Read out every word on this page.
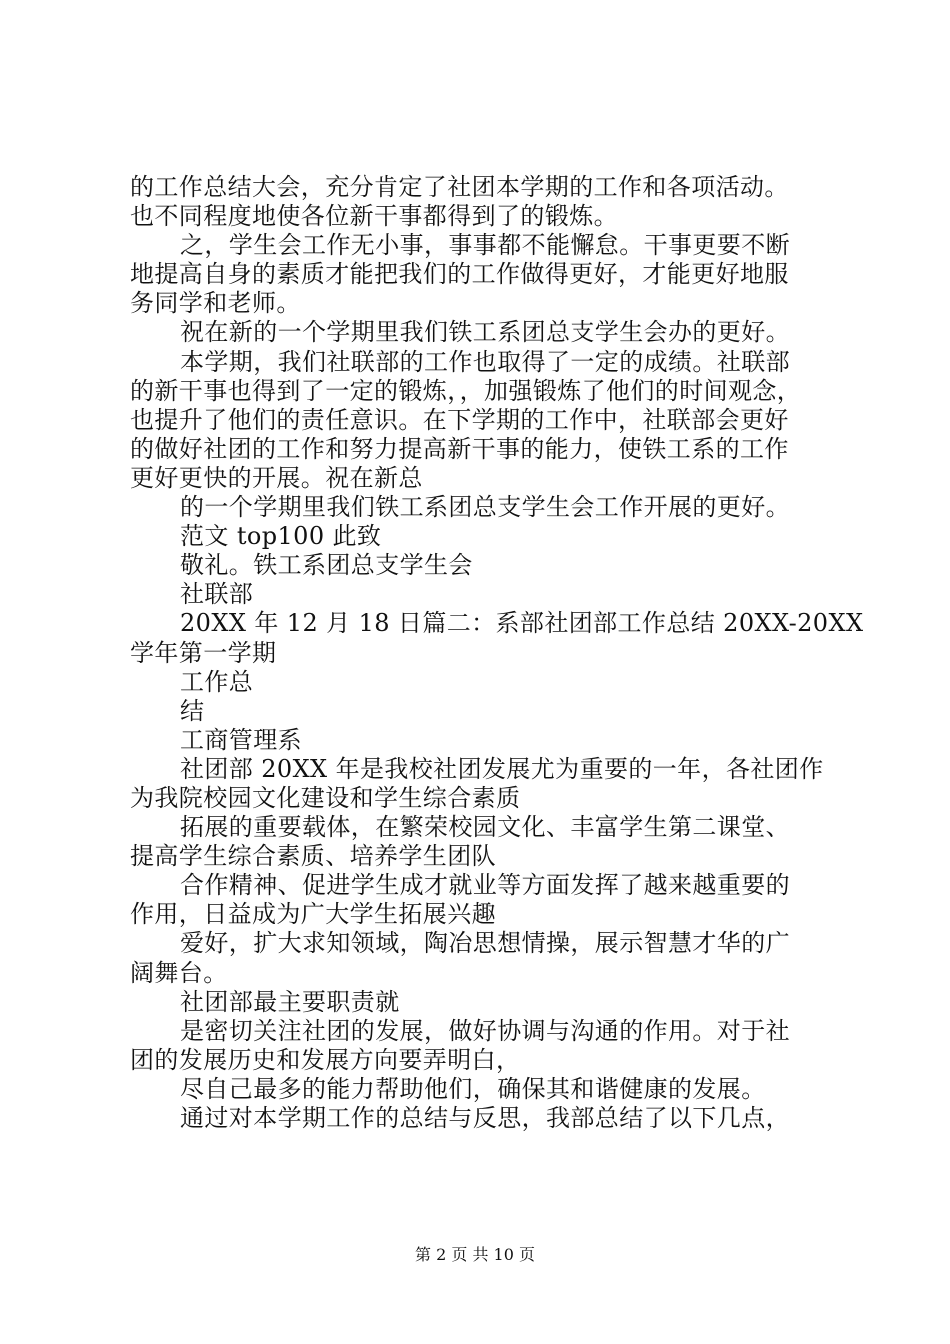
的工作总结大会，充分肯定了社团本学期的工作和各项活动。
也不同程度地使各位新干事都得到了的锻炼。
之，学生会工作无小事，事事都不能懈怠。干事更要不断
地提高自身的素质才能把我们的工作做得更好，才能更好地服
务同学和老师。
祝在新的一个学期里我们铁工系团总支学生会办的更好。
本学期，我们社联部的工作也取得了一定的成绩。社联部
的新干事也得到了一定的锻炼，，加强锻炼了他们的时间观念，
也提升了他们的责任意识。在下学期的工作中，社联部会更好
的做好社团的工作和努力提高新干事的能力，使铁工系的工作
更好更快的开展。祝在新总
的一个学期里我们铁工系团总支学生会工作开展的更好。
范文 top100 此致
敬礼。铁工系团总支学生会
社联部
20XX 年 12 月 18 日篇二：系部社团部工作总结 20XX-20XX
学年第一学期
工作总
结
工商管理系
社团部 20XX 年是我校社团发展尤为重要的一年，各社团作
为我院校园文化建设和学生综合素质
拓展的重要载体，在繁荣校园文化、丰富学生第二课堂、
提高学生综合素质、培养学生团队
合作精神、促进学生成才就业等方面发挥了越来越重要的
作用，日益成为广大学生拓展兴趣
爱好，扩大求知领域，陶冶思想情操，展示智慧才华的广
阔舞台。
社团部最主要职责就
是密切关注社团的发展，做好协调与沟通的作用。对于社
团的发展历史和发展方向要弄明白，
尽自己最多的能力帮助他们，确保其和谐健康的发展。
通过对本学期工作的总结与反思，我部总结了以下几点，
第 2 页 共 10 页
